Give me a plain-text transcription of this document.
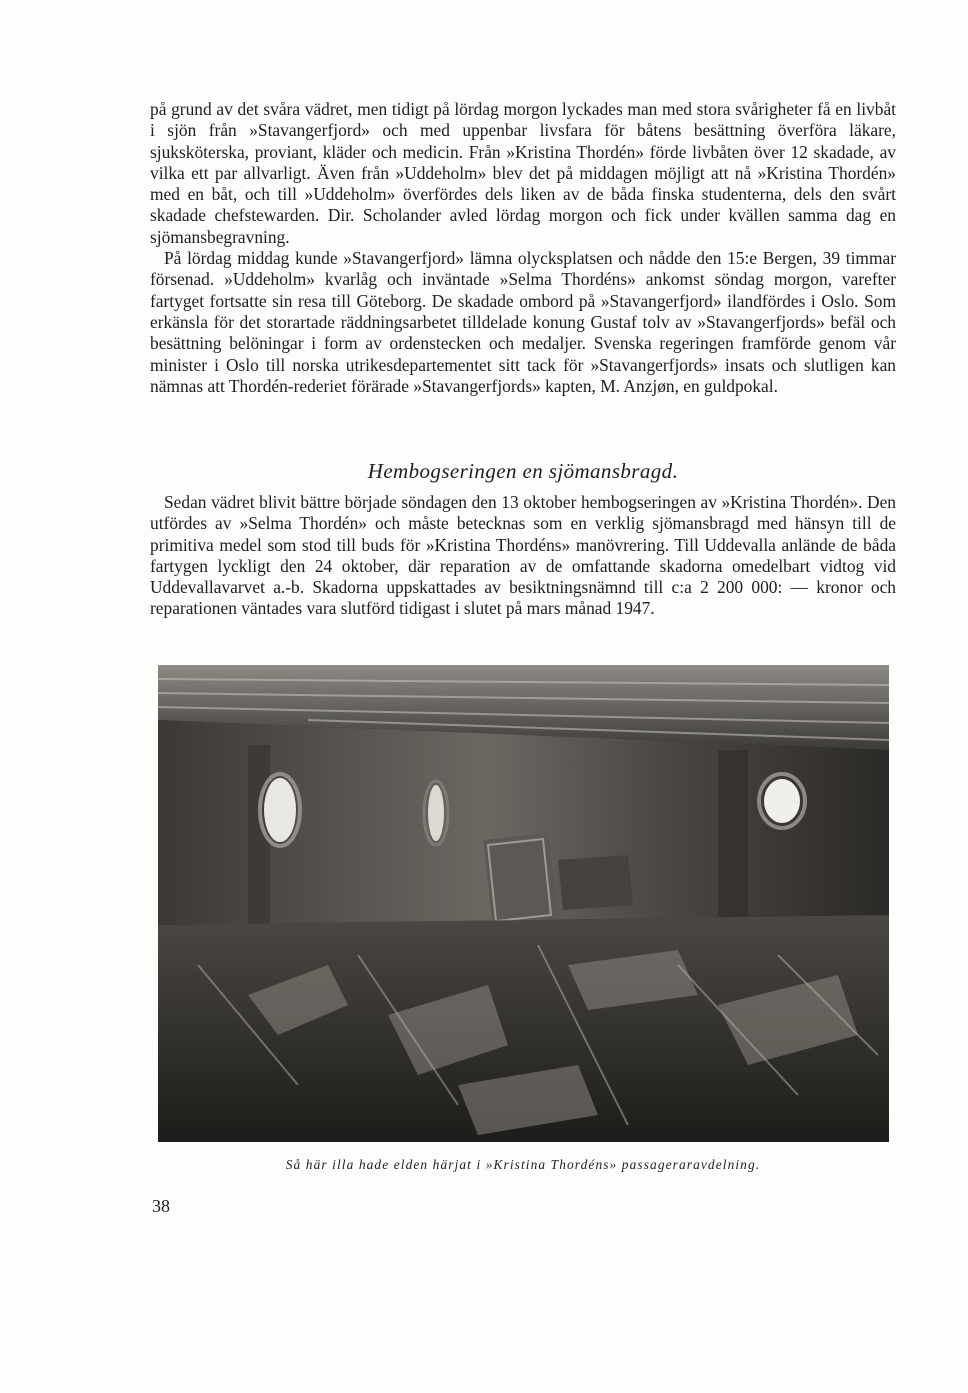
på grund av det svåra vädret, men tidigt på lördag morgon lyckades man med stora svårigheter få en livbåt i sjön från »Stavangerfjord» och med uppenbar livsfara för båtens besättning överföra läkare, sjuksköterska, proviant, kläder och medicin. Från »Kristina Thordén» förde livbåten över 12 skadade, av vilka ett par allvarligt. Även från »Uddeholm» blev det på middagen möjligt att nå »Kristina Thordén» med en båt, och till »Uddeholm» överfördes dels liken av de båda finska studenterna, dels den svårt skadade chefstewarden. Dir. Scholander avled lördag morgon och fick under kvällen samma dag en sjömansbegravning.

På lördag middag kunde »Stavangerfjord» lämna olycksplatsen och nådde den 15:e Bergen, 39 timmar försenad. »Uddeholm» kvarlåg och inväntade »Selma Thordéns» ankomst söndag morgon, varefter fartyget fortsatte sin resa till Göteborg. De skadade ombord på »Stavangerfjord» ilandfördes i Oslo. Som erkänsla för det storartade räddningsarbetet tilldelade konung Gustaf tolv av »Stavangerfjords» befäl och besättning belöningar i form av ordenstecken och medaljer. Svenska regeringen framförde genom vår minister i Oslo till norska utrikesdepartementet sitt tack för »Stavangerfjords» insats och slutligen kan nämnas att Thordén-rederiet förärade »Stavangerfjords» kapten, M. Anzjøn, en guldpokal.

Hembogseringen en sjömansbragd.

Sedan vädret blivit bättre började söndagen den 13 oktober hembogseringen av »Kristina Thordén». Den utfördes av »Selma Thordén» och måste betecknas som en verklig sjömansbragd med hänsyn till de primitiva medel som stod till buds för »Kristina Thordéns» manövrering. Till Uddevalla anlände de båda fartygen lyckligt den 24 oktober, där reparation av de omfattande skadorna omedelbart vidtog vid Uddevallavarvet a.-b. Skadorna uppskattades av besiktningsnämnd till c:a 2 200 000: — kronor och reparationen väntades vara slutförd tidigast i slutet på mars månad 1947.

Så här illa hade elden härjat i »Kristina Thordéns» passageraravdelning.

38
